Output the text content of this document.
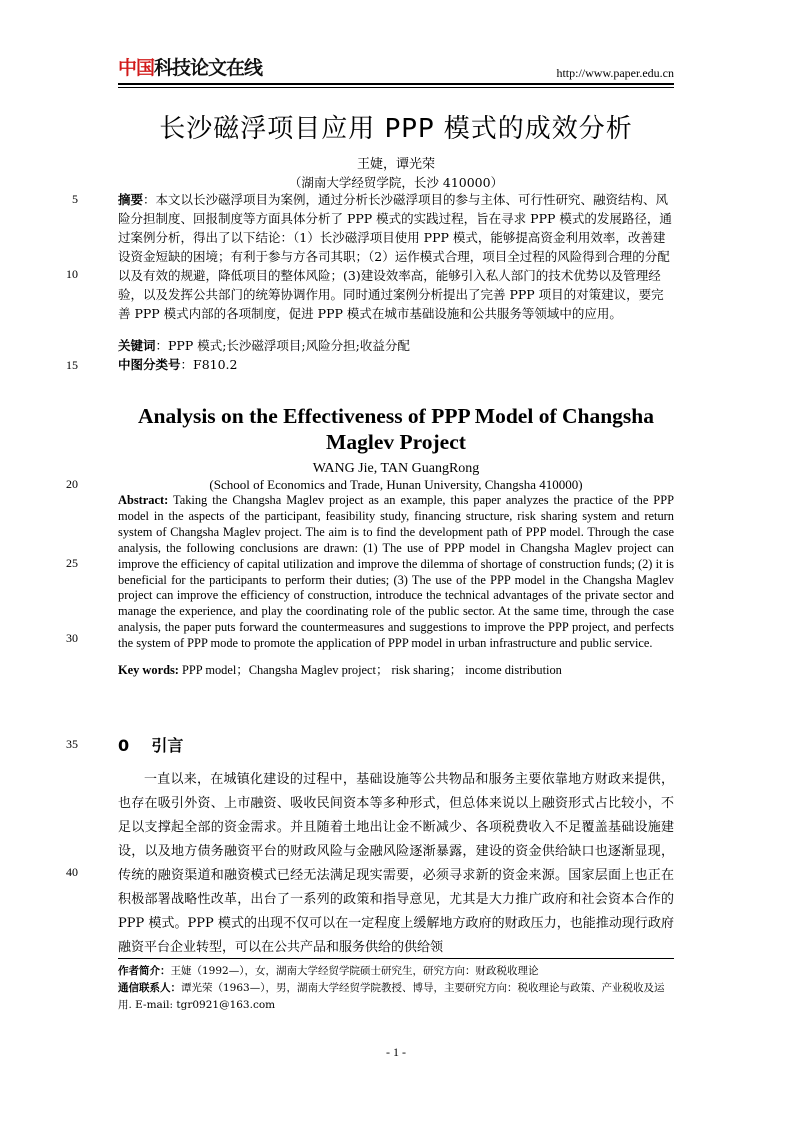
中国 科技论文在线	http://www.paper.edu.cn
长沙磁浮项目应用 PPP 模式的成效分析
王婕，谭光荣
（湖南大学经贸学院，长沙 410000）
摘要：本文以长沙磁浮项目为案例，通过分析长沙磁浮项目的参与主体、可行性研究、融资结构、风险分担制度、回报制度等方面具体分析了 PPP 模式的实践过程，旨在寻求 PPP 模式的发展路径，通过案例分析，得出了以下结论：（1）长沙磁浮项目使用 PPP 模式，能够提高资金利用效率，改善建设资金短缺的困境；有利于参与方各司其职；（2）运作模式合理，项目全过程的风险得到合理的分配以及有效的规避，降低项目的整体风险；(3)建设效率高，能够引入私人部门的技术优势以及管理经验，以及发挥公共部门的统筹协调作用。同时通过案例分析提出了完善 PPP 项目的对策建议，要完善 PPP 模式内部的各项制度，促进 PPP 模式在城市基础设施和公共服务等领域中的应用。
关键词：PPP 模式;长沙磁浮项目;风险分担;收益分配
中图分类号：F810.2
Analysis on the Effectiveness of PPP Model of Changsha Maglev Project
WANG Jie, TAN GuangRong
(School of Economics and Trade, Hunan University, Changsha 410000)
Abstract: Taking the Changsha Maglev project as an example, this paper analyzes the practice of the PPP model in the aspects of the participant, feasibility study, financing structure, risk sharing system and return system of Changsha Maglev project. The aim is to find the development path of PPP model. Through the case analysis, the following conclusions are drawn: (1) The use of PPP model in Changsha Maglev project can improve the efficiency of capital utilization and improve the dilemma of shortage of construction funds; (2) it is beneficial for the participants to perform their duties; (3) The use of the PPP model in the Changsha Maglev project can improve the efficiency of construction, introduce the technical advantages of the private sector and manage the experience, and play the coordinating role of the public sector. At the same time, through the case analysis, the paper puts forward the countermeasures and suggestions to improve the PPP project, and perfects the system of PPP mode to promote the application of PPP model in urban infrastructure and public service.
Key words: PPP model；Changsha Maglev project； risk sharing； income distribution
5
10
15
20
25
30
35
40
0 引言
一直以来，在城镇化建设的过程中，基础设施等公共物品和服务主要依靠地方财政来提供，也存在吸引外资、上市融资、吸收民间资本等多种形式，但总体来说以上融资形式占比较小，不足以支撑起全部的资金需求。并且随着土地出让金不断减少、各项税费收入不足覆盖基础设施建设，以及地方债务融资平台的财政风险与金融风险逐渐暴露，建设的资金供给缺口也逐渐显现，传统的融资渠道和融资模式已经无法满足现实需要，必须寻求新的资金来源。国家层面上也正在积极部署战略性改革，出台了一系列的政策和指导意见，尤其是大力推广政府和社会资本合作的 PPP 模式。PPP 模式的出现不仅可以在一定程度上缓解地方政府的财政压力，也能推动现行政府融资平台企业转型，可以在公共产品和服务供给的供给领
作者简介：王婕（1992—），女，湖南大学经贸学院硕士研究生，研究方向：财政税收理论
通信联系人：谭光荣（1963—），男，湖南大学经贸学院教授、博导，主要研究方向：税收理论与政策、产业税收及运用. E-mail: tgr0921@163.com
- 1 -
